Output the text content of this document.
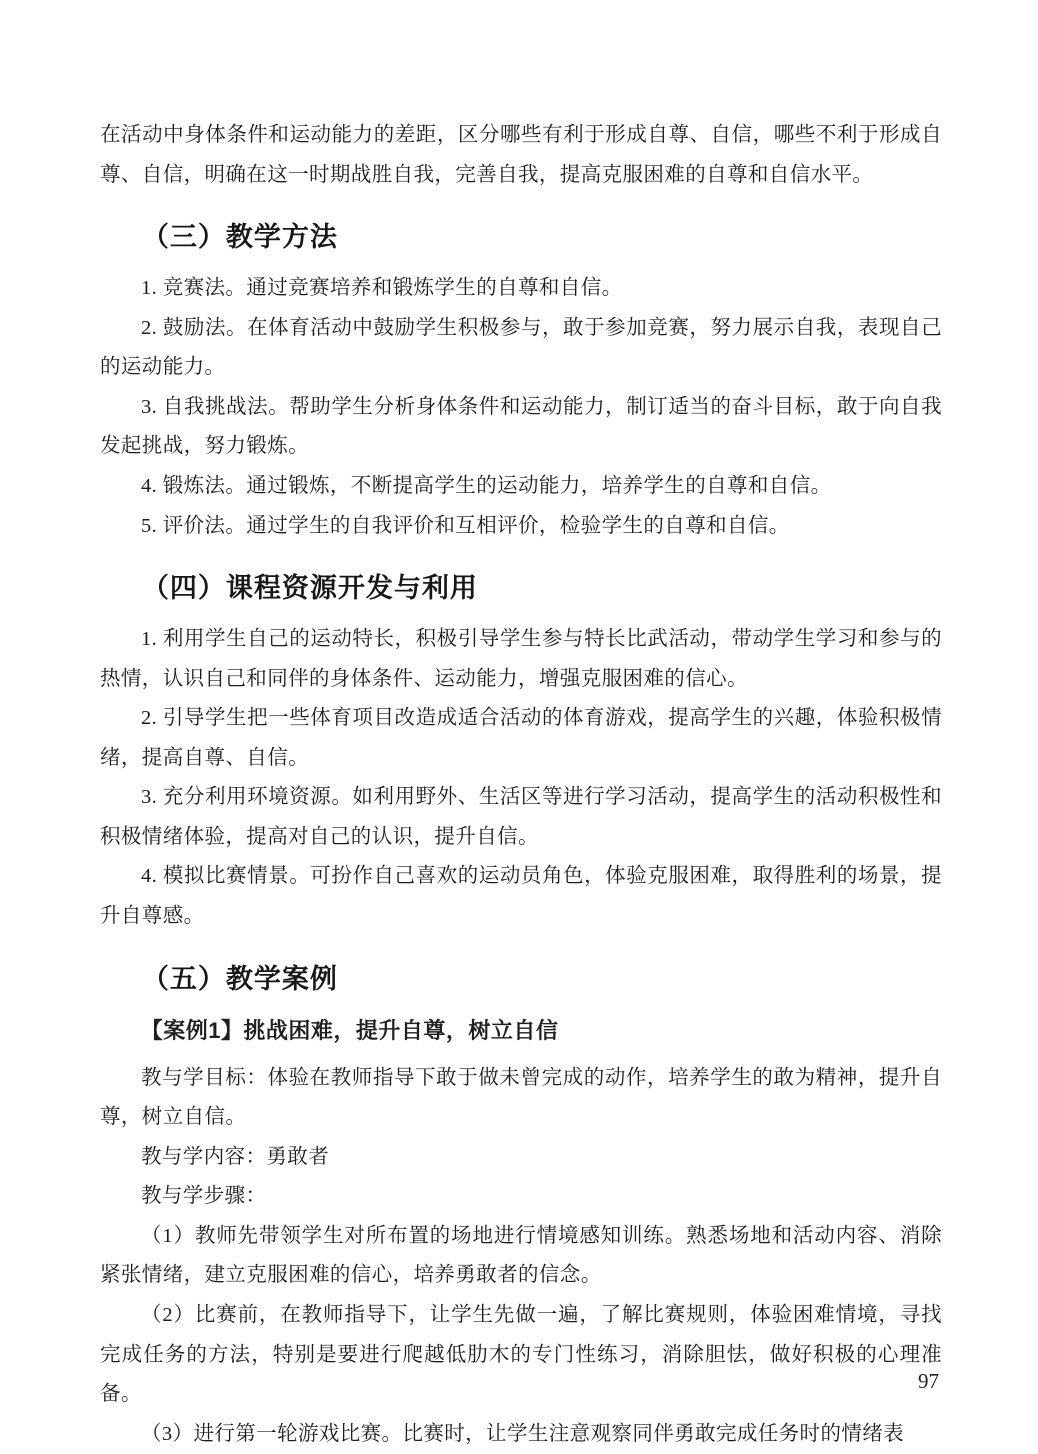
在活动中身体条件和运动能力的差距，区分哪些有利于形成自尊、自信，哪些不利于形成自尊、自信，明确在这一时期战胜自我，完善自我，提高克服困难的自尊和自信水平。

（三）教学方法

1. 竞赛法。通过竞赛培养和锻炼学生的自尊和自信。

2. 鼓励法。在体育活动中鼓励学生积极参与，敢于参加竞赛，努力展示自我，表现自己的运动能力。

3. 自我挑战法。帮助学生分析身体条件和运动能力，制订适当的奋斗目标，敢于向自我发起挑战，努力锻炼。

4. 锻炼法。通过锻炼，不断提高学生的运动能力，培养学生的自尊和自信。

5. 评价法。通过学生的自我评价和互相评价，检验学生的自尊和自信。

（四）课程资源开发与利用

1. 利用学生自己的运动特长，积极引导学生参与特长比武活动，带动学生学习和参与的热情，认识自己和同伴的身体条件、运动能力，增强克服困难的信心。

2. 引导学生把一些体育项目改造成适合活动的体育游戏，提高学生的兴趣，体验积极情绪，提高自尊、自信。

3. 充分利用环境资源。如利用野外、生活区等进行学习活动，提高学生的活动积极性和积极情绪体验，提高对自己的认识，提升自信。

4. 模拟比赛情景。可扮作自己喜欢的运动员角色，体验克服困难，取得胜利的场景，提升自尊感。

（五）教学案例
【案例1】挑战困难，提升自尊，树立自信

教与学目标：体验在教师指导下敢于做未曾完成的动作，培养学生的敢为精神，提升自尊，树立自信。

教与学内容：勇敢者

教与学步骤：

（1）教师先带领学生对所布置的场地进行情境感知训练。熟悉场地和活动内容、消除紧张情绪，建立克服困难的信心，培养勇敢者的信念。

（2）比赛前，在教师指导下，让学生先做一遍，了解比赛规则，体验困难情境，寻找完成任务的方法，特别是要进行爬越低肋木的专门性练习，消除胆怯，做好积极的心理准备。

（3）进行第一轮游戏比赛。比赛时，让学生注意观察同伴勇敢完成任务时的情绪表

97
